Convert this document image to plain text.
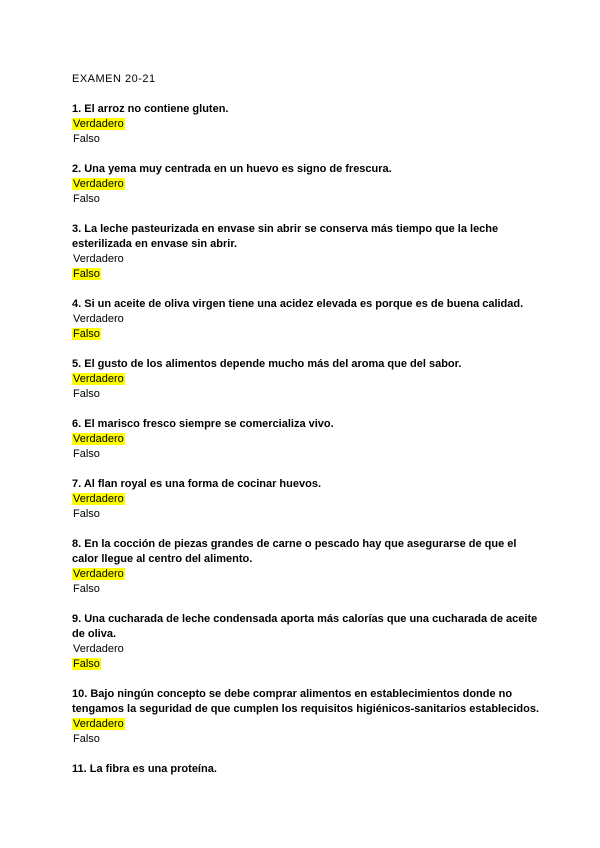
EXAMEN 20-21

1. El arroz no contiene gluten.

Verdadero
Falso

2. Una yema muy centrada en un huevo es signo de frescura.

Verdadero
Falso

3. La leche pasteurizada en envase sin abrir se conserva más tiempo que la leche esterilizada en envase sin abrir.

Verdadero
Falso

4. Si un aceite de oliva virgen tiene una acidez elevada es porque es de buena calidad.

Verdadero
Falso

5. El gusto de los alimentos depende mucho más del aroma que del sabor.

Verdadero
Falso

6. El marisco fresco siempre se comercializa vivo.

Verdadero
Falso

7. Al flan royal es una forma de cocinar huevos.

Verdadero
Falso

8. En la cocción de piezas grandes de carne o pescado hay que asegurarse de que el calor llegue al centro del alimento.

Verdadero
Falso

9. Una cucharada de leche condensada aporta más calorías que una cucharada de aceite de oliva.

Verdadero
Falso

10. Bajo ningún concepto se debe comprar alimentos en establecimientos donde no tengamos la seguridad de que cumplen los requisitos higiénicos-sanitarios establecidos.

Verdadero
Falso

11. La fibra es una proteína.
